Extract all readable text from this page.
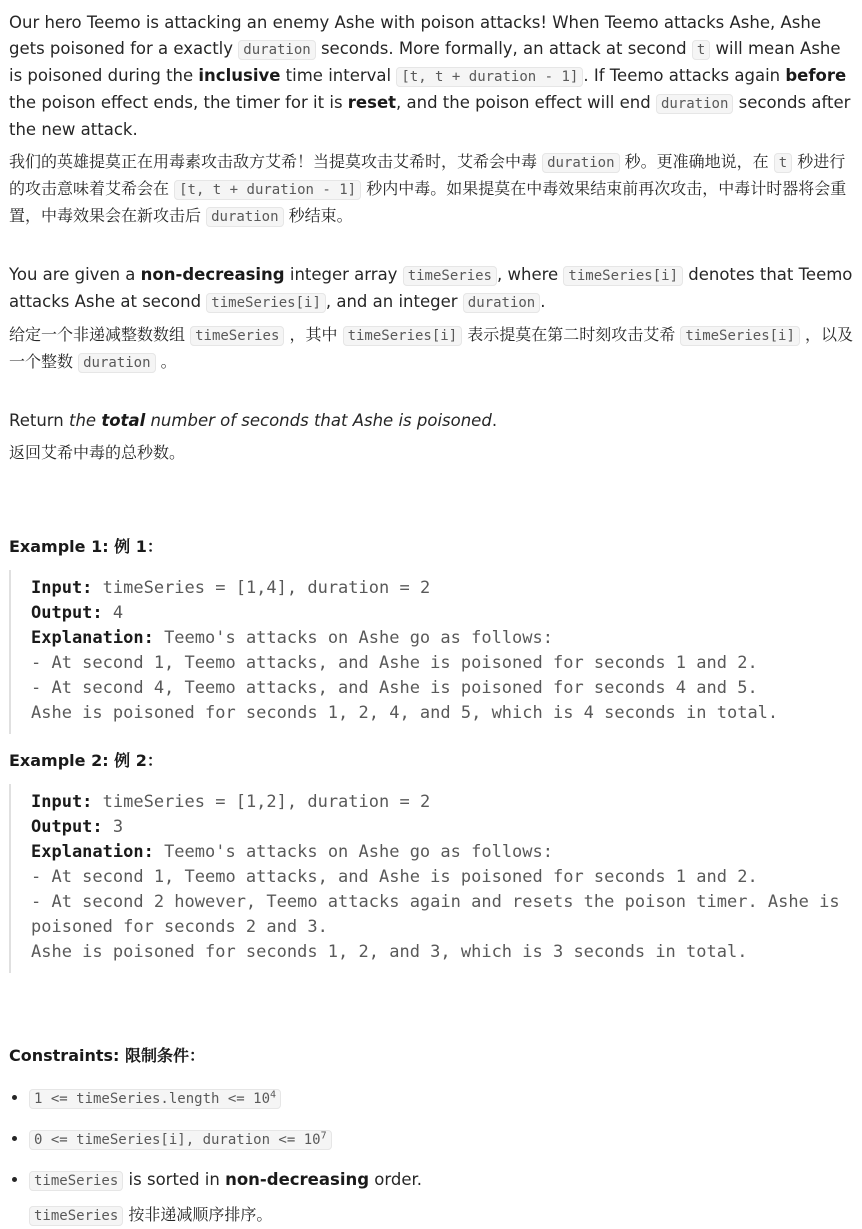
Our hero Teemo is attacking an enemy Ashe with poison attacks! When Teemo attacks Ashe, Ashe gets poisoned for a exactly duration seconds. More formally, an attack at second t will mean Ashe is poisoned during the inclusive time interval [t, t + duration - 1] . If Teemo attacks again before the poison effect ends, the timer for it is reset, and the poison effect will end duration seconds after the new attack.

我们的英雄提莫正在用毒素攻击敌方艾希！当提莫攻击艾希时，艾希会中毒 duration 秒。更准确地说，在 t 秒进行的攻击意味着艾希会在 [t, t + duration - 1] 秒内中毒。如果提莫在中毒效果结束前再次攻击，中毒计时器将会重置，中毒效果会在新攻击后 duration 秒结束。

You are given a non-decreasing integer array timeSeries , where timeSeries[i] denotes that Teemo attacks Ashe at second timeSeries[i] , and an integer duration .

给定一个非递减整数数组 timeSeries ，其中 timeSeries[i] 表示提莫在第二时刻攻击艾希 timeSeries[i] ，以及一个整数 duration 。

Return the total number of seconds that Ashe is poisoned.

返回艾希中毒的总秒数。

Example 1: 例 1：
Input: timeSeries = [1,4], duration = 2
Output: 4
Explanation: Teemo's attacks on Ashe go as follows:
- At second 1, Teemo attacks, and Ashe is poisoned for seconds 1 and 2.
- At second 4, Teemo attacks, and Ashe is poisoned for seconds 4 and 5.
Ashe is poisoned for seconds 1, 2, 4, and 5, which is 4 seconds in total.
Example 2: 例 2：
Input: timeSeries = [1,2], duration = 2
Output: 3
Explanation: Teemo's attacks on Ashe go as follows:
- At second 1, Teemo attacks, and Ashe is poisoned for seconds 1 and 2.
- At second 2 however, Teemo attacks again and resets the poison timer. Ashe is poisoned for seconds 2 and 3.
Ashe is poisoned for seconds 1, 2, and 3, which is 3 seconds in total.
Constraints: 限制条件：
• 1 <= timeSeries.length <= $10^4$
• 0 <= timeSeries[i], duration <= $10^7$
• timeSeries is sorted in non-decreasing order.
timeSeries 按非递减顺序排序。
